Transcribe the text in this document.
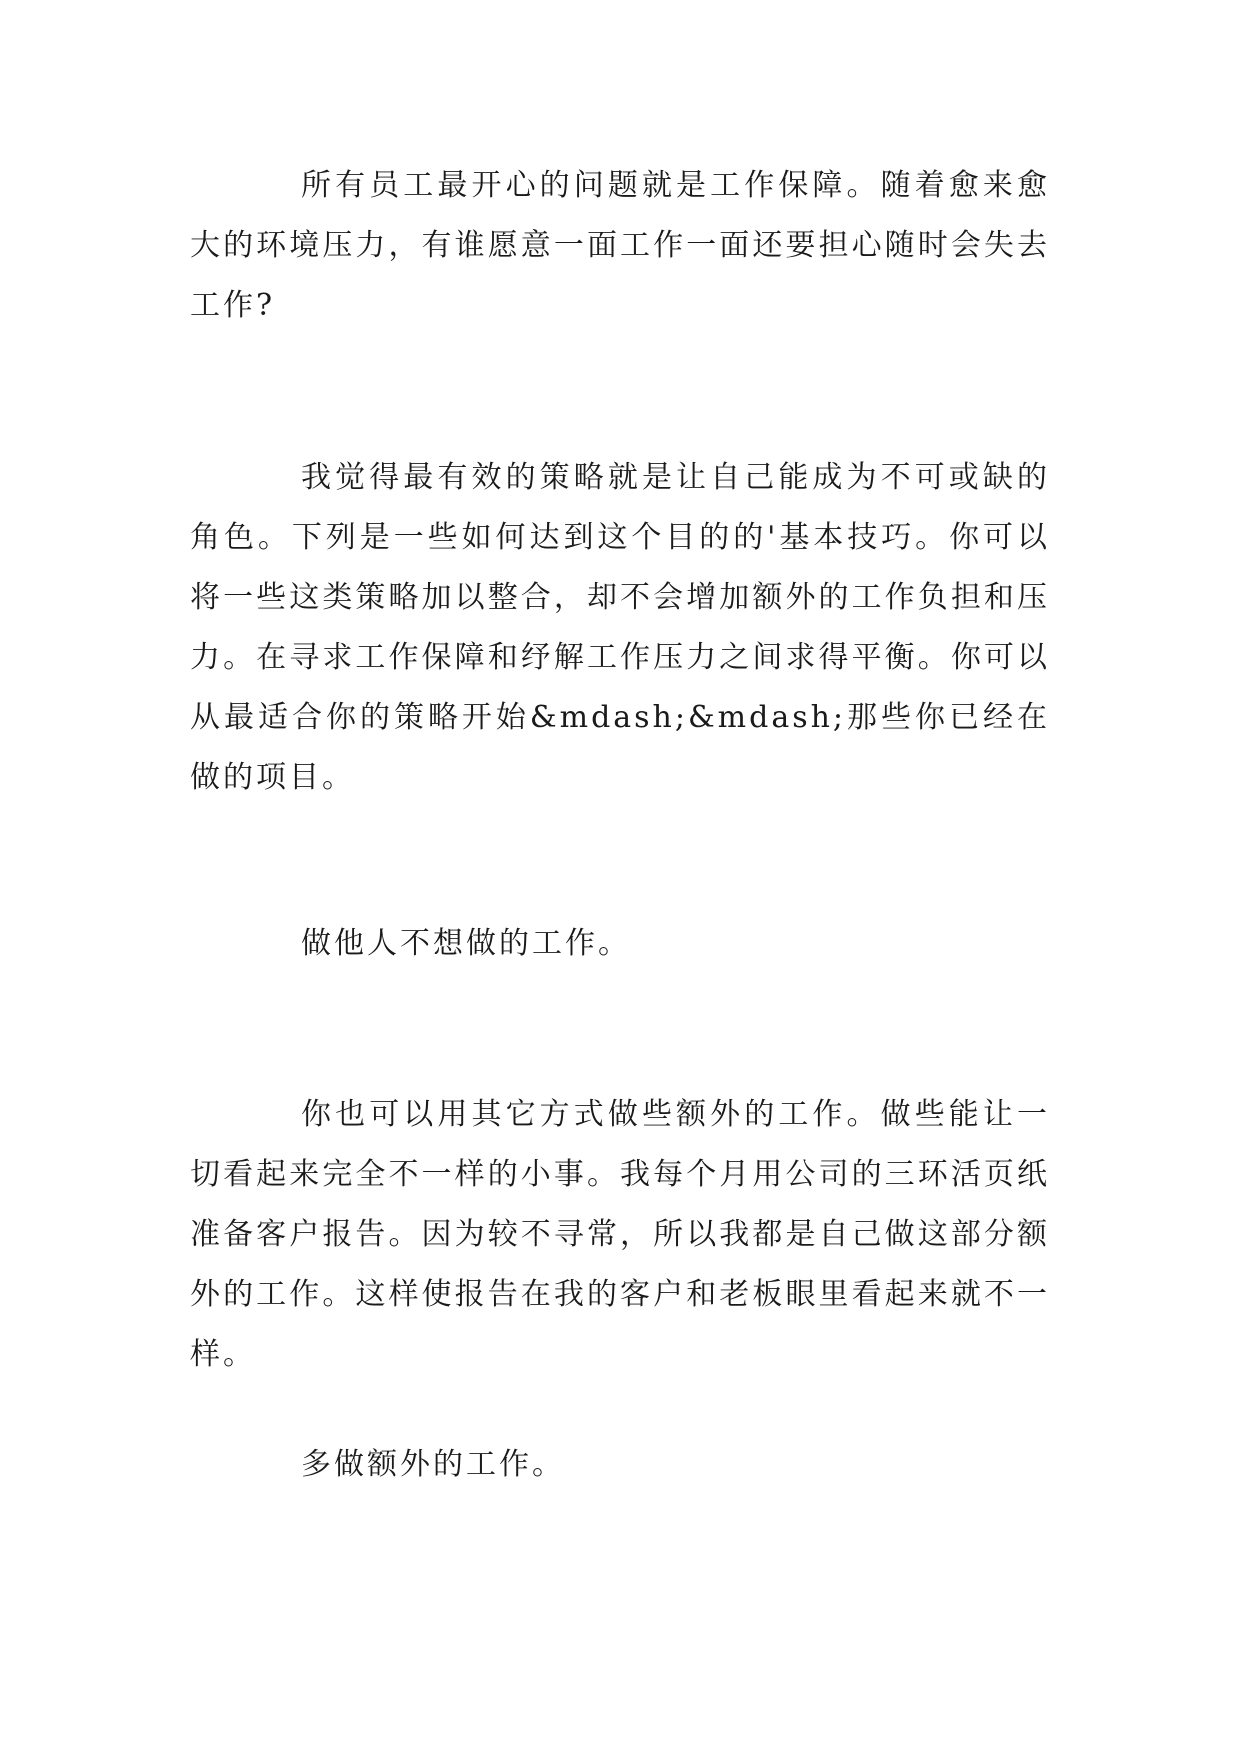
所有员工最开心的问题就是工作保障。随着愈来愈大的环境压力，有谁愿意一面工作一面还要担心随时会失去工作?

我觉得最有效的策略就是让自己能成为不可或缺的角色。下列是一些如何达到这个目的的'基本技巧。你可以将一些这类策略加以整合，却不会增加额外的工作负担和压力。在寻求工作保障和纾解工作压力之间求得平衡。你可以从最适合你的策略开始&mdash;&mdash;那些你已经在做的项目。

做他人不想做的工作。

你也可以用其它方式做些额外的工作。做些能让一切看起来完全不一样的小事。我每个月用公司的三环活页纸准备客户报告。因为较不寻常，所以我都是自己做这部分额外的工作。这样使报告在我的客户和老板眼里看起来就不一样。

多做额外的工作。
